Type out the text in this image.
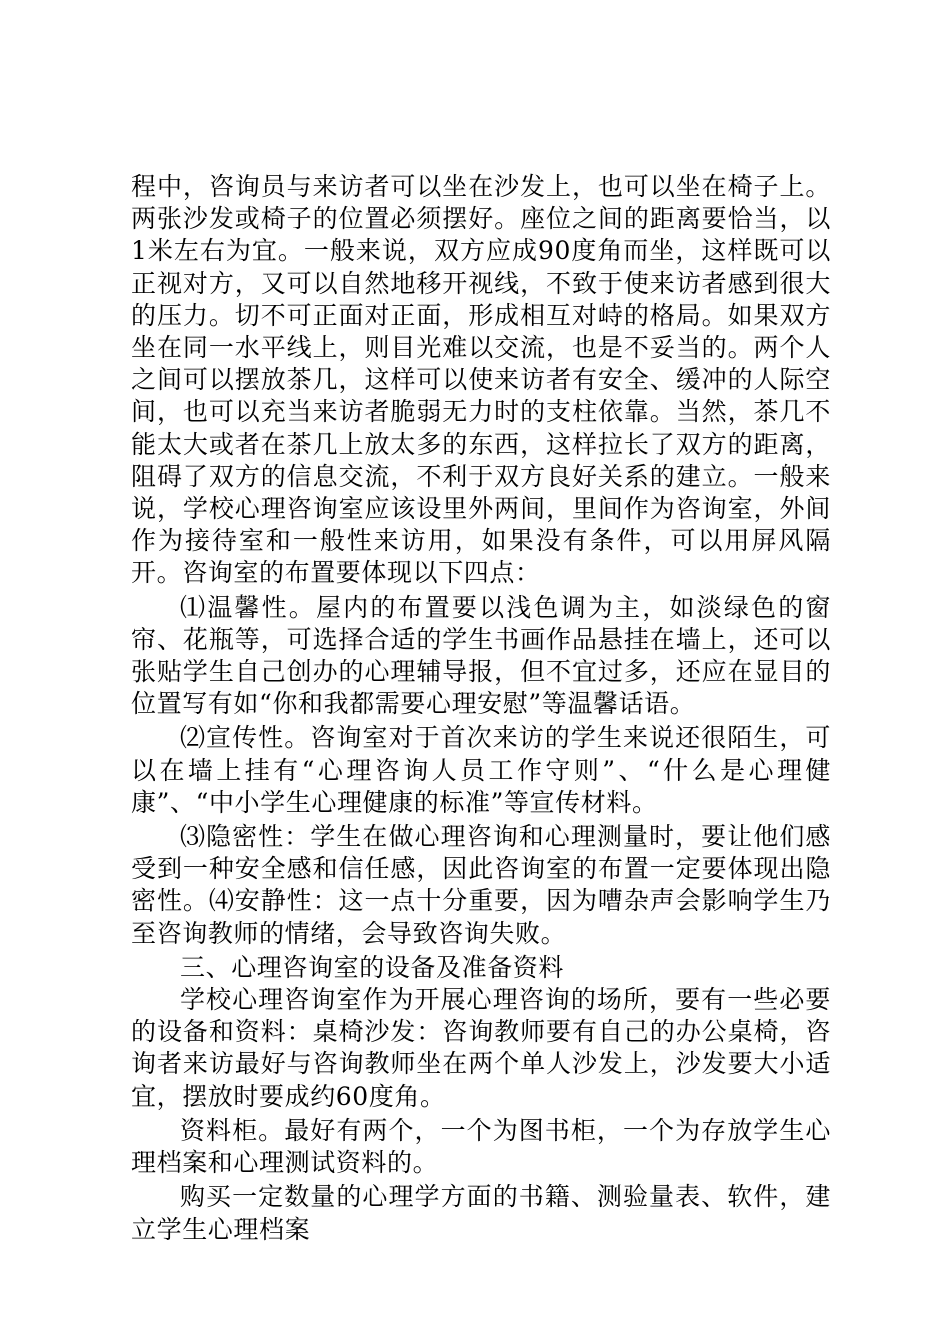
程中，咨询员与来访者可以坐在沙发上，也可以坐在椅子上。两张沙发或椅子的位置必须摆好。座位之间的距离要恰当，以1米左右为宜。一般来说，双方应成90度角而坐，这样既可以正视对方，又可以自然地移开视线，不致于使来访者感到很大的压力。切不可正面对正面，形成相互对峙的格局。如果双方坐在同一水平线上，则目光难以交流，也是不妥当的。两个人之间可以摆放茶几，这样可以使来访者有安全、缓冲的人际空间，也可以充当来访者脆弱无力时的支柱依靠。当然，茶几不能太大或者在茶几上放太多的东西，这样拉长了双方的距离，阻碍了双方的信息交流，不利于双方良好关系的建立。一般来说，学校心理咨询室应该设里外两间，里间作为咨询室，外间作为接待室和一般性来访用，如果没有条件，可以用屏风隔开。咨询室的布置要体现以下四点：

⑴温馨性。屋内的布置要以浅色调为主，如淡绿色的窗帘、花瓶等，可选择合适的学生书画作品悬挂在墙上，还可以张贴学生自己创办的心理辅导报，但不宜过多，还应在显目的位置写有如“你和我都需要心理安慰”等温馨话语。

⑵宣传性。咨询室对于首次来访的学生来说还很陌生，可以在墙上挂有“心理咨询人员工作守则”、“什么是心理健康”、“中小学生心理健康的标准”等宣传材料。

⑶隐密性：学生在做心理咨询和心理测量时，要让他们感受到一种安全感和信任感，因此咨询室的布置一定要体现出隐密性。⑷安静性：这一点十分重要，因为嘈杂声会影响学生乃至咨询教师的情绪，会导致咨询失败。

三、心理咨询室的设备及准备资料

学校心理咨询室作为开展心理咨询的场所，要有一些必要的设备和资料：桌椅沙发：咨询教师要有自己的办公桌椅，咨询者来访最好与咨询教师坐在两个单人沙发上，沙发要大小适宜，摆放时要成约60度角。

资料柜。最好有两个，一个为图书柜，一个为存放学生心理档案和心理测试资料的。

购买一定数量的心理学方面的书籍、测验量表、软件，建立学生心理档案
